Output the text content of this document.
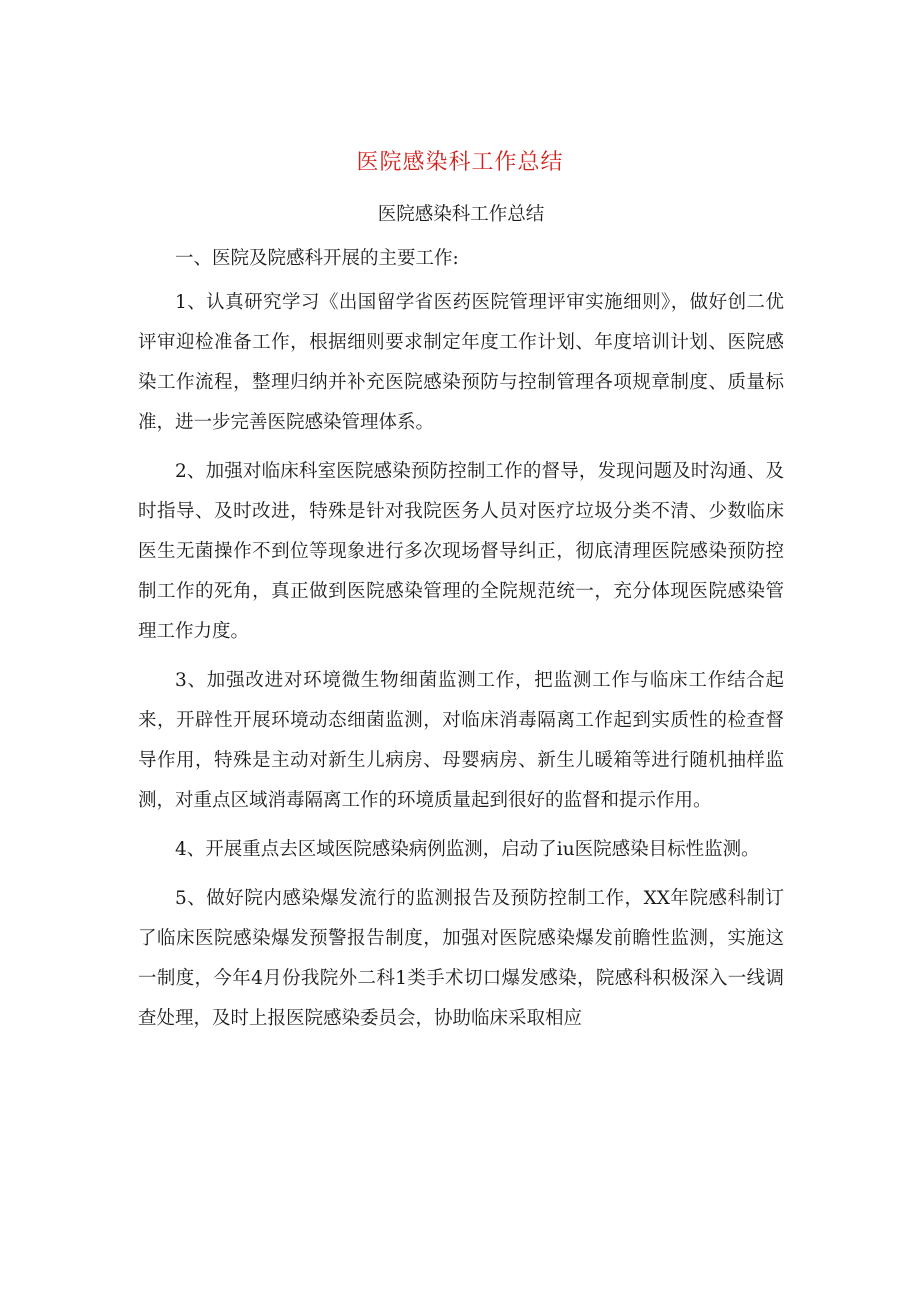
医院感染科工作总结
医院感染科工作总结

一、医院及院感科开展的主要工作:

1、认真研究学习《出国留学省医药医院管理评审实施细则》，做好创二优评审迎检准备工作，根据细则要求制定年度工作计划、年度培训计划、医院感染工作流程，整理归纳并补充医院感染预防与控制管理各项规章制度、质量标准，进一步完善医院感染管理体系。

2、加强对临床科室医院感染预防控制工作的督导，发现问题及时沟通、及时指导、及时改进，特殊是针对我院医务人员对医疗垃圾分类不清、少数临床医生无菌操作不到位等现象进行多次现场督导纠正，彻底清理医院感染预防控制工作的死角，真正做到医院感染管理的全院规范统一，充分体现医院感染管理工作力度。

3、加强改进对环境微生物细菌监测工作，把监测工作与临床工作结合起来，开辟性开展环境动态细菌监测，对临床消毒隔离工作起到实质性的检查督导作用，特殊是主动对新生儿病房、母婴病房、新生儿暖箱等进行随机抽样监测，对重点区域消毒隔离工作的环境质量起到很好的监督和提示作用。

4、开展重点去区域医院感染病例监测，启动了iu医院感染目标性监测。

5、做好院内感染爆发流行的监测报告及预防控制工作，XX年院感科制订了临床医院感染爆发预警报告制度，加强对医院感染爆发前瞻性监测，实施这一制度，今年4月份我院外二科1类手术切口爆发感染，院感科积极深入一线调查处理，及时上报医院感染委员会，协助临床采取相应
